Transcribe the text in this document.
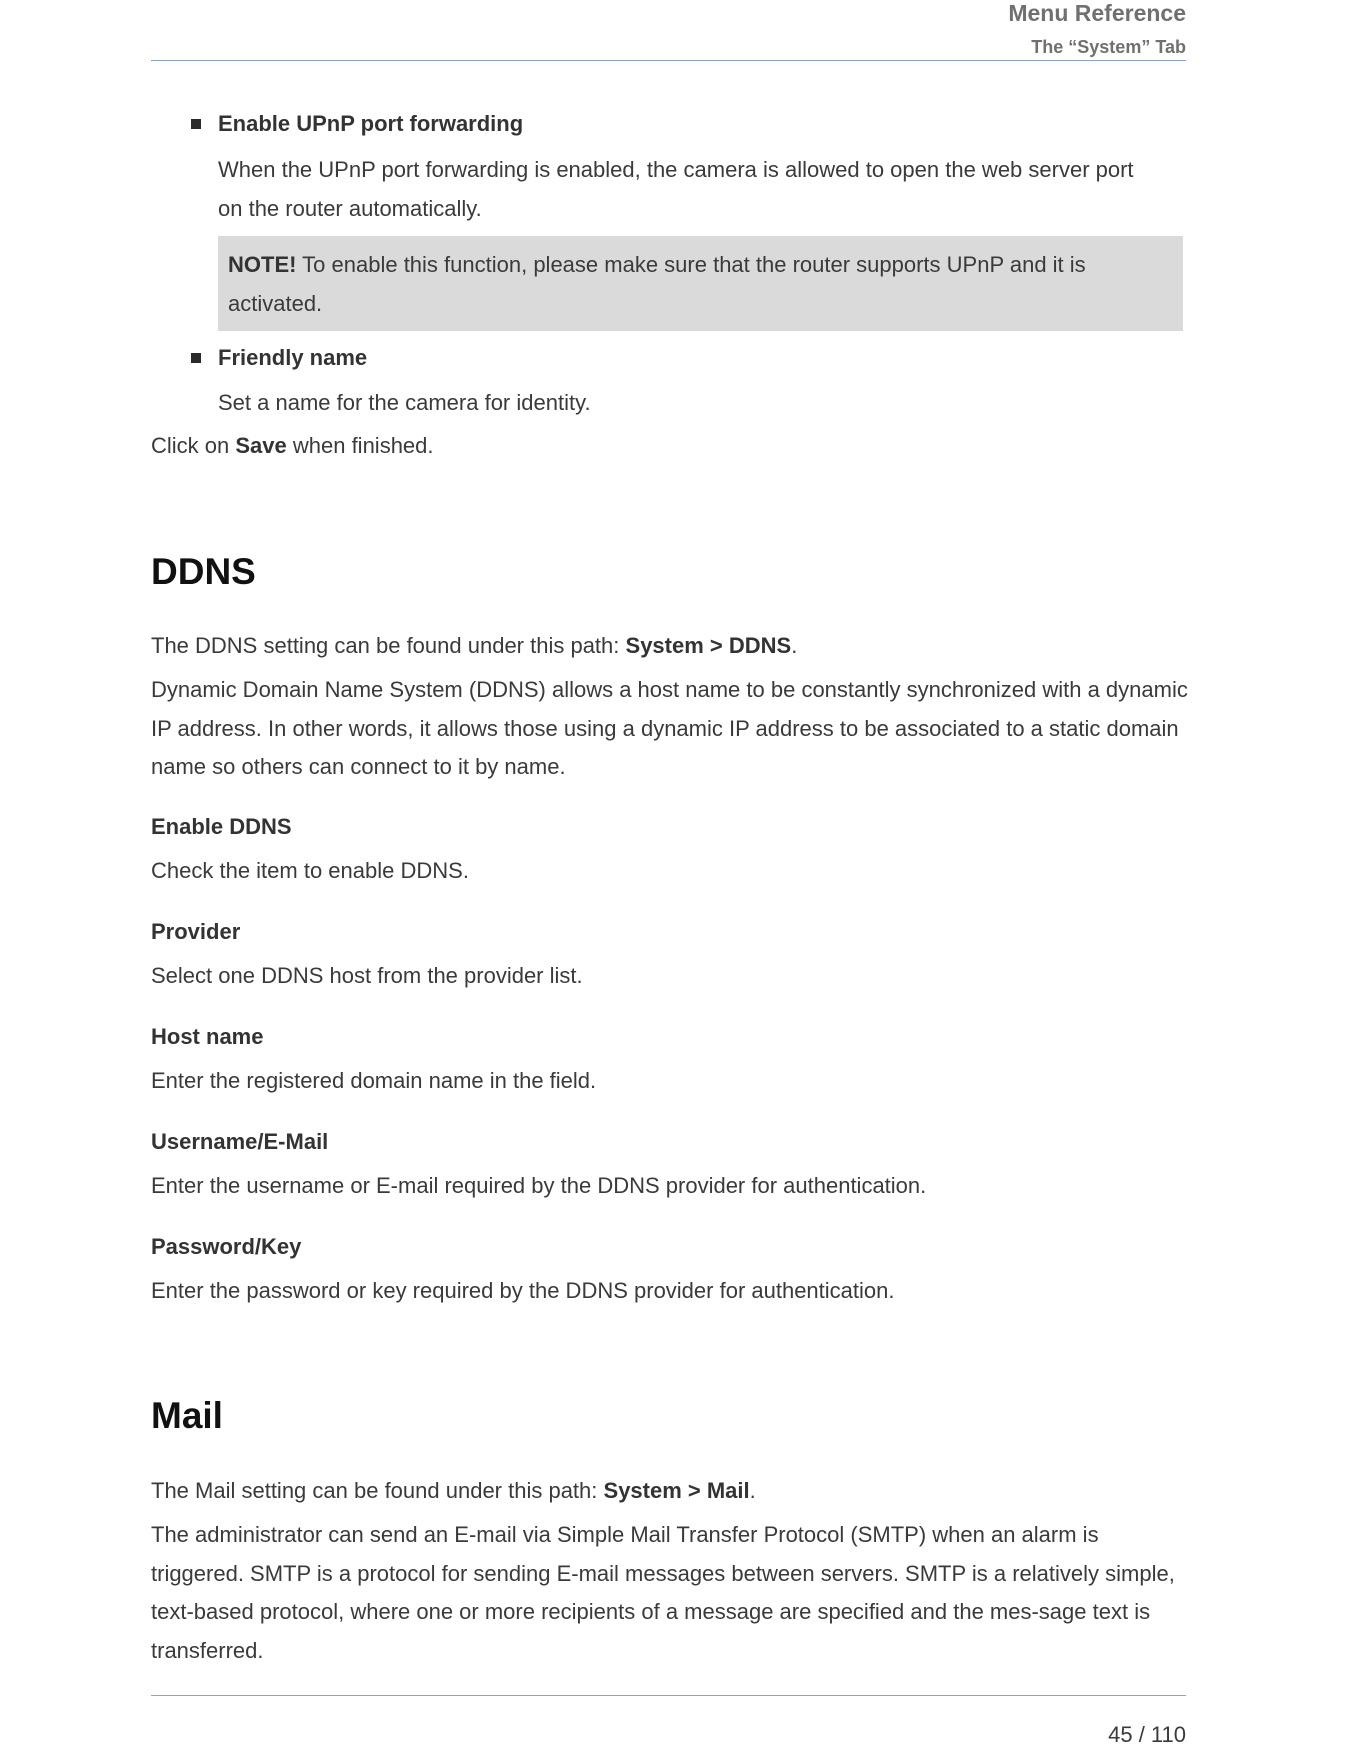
Menu Reference
The “System” Tab
Enable UPnP port forwarding
When the UPnP port forwarding is enabled, the camera is allowed to open the web server port on the router automatically.
NOTE! To enable this function, please make sure that the router supports UPnP and it is activated.
Friendly name
Set a name for the camera for identity.
Click on Save when finished.
DDNS
The DDNS setting can be found under this path: System > DDNS.
Dynamic Domain Name System (DDNS) allows a host name to be constantly synchronized with a dynamic IP address. In other words, it allows those using a dynamic IP address to be associated to a static domain name so others can connect to it by name.
Enable DDNS
Check the item to enable DDNS.
Provider
Select one DDNS host from the provider list.
Host name
Enter the registered domain name in the field.
Username/E-Mail
Enter the username or E-mail required by the DDNS provider for authentication.
Password/Key
Enter the password or key required by the DDNS provider for authentication.
Mail
The Mail setting can be found under this path: System > Mail.
The administrator can send an E-mail via Simple Mail Transfer Protocol (SMTP) when an alarm is triggered. SMTP is a protocol for sending E-mail messages between servers. SMTP is a relatively simple, text-based protocol, where one or more recipients of a message are specified and the mes-sage text is transferred.
45 / 110
